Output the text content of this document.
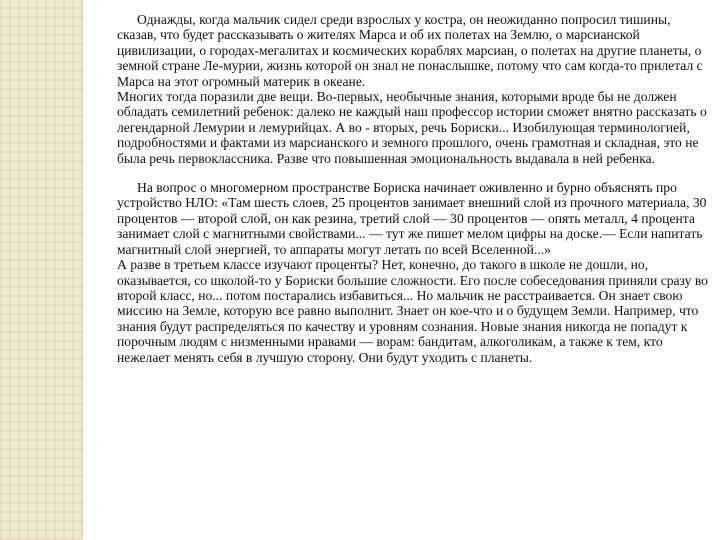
Однажды, когда мальчик сидел среди взрослых у костра, он неожиданно попросил тишины, сказав, что будет рассказывать о жителях Марса и об их полетах на Землю, о марсианской цивилизации, о городах-мегалитах и космических кораблях марсиан, о полетах на другие планеты, о земной стране Ле-мурии, жизнь которой он знал не понаслышке, потому что сам когда-то прилетал с Марса на этот огромный материк в океане.

Многих тогда поразили две вещи. Во-первых, необычные знания, которыми вроде бы не должен обладать семилетний ребенок: далеко не каждый наш профессор истории сможет внятно рассказать о легендарной Лемурии и лемурийцах. А во - вторых, речь Бориски... Изобилующая терминологией, подробностями и фактами из марсианского и земного прошлого, очень грамотная и складная, это не была речь первоклассника. Разве что повышенная эмоциональность выдавала в ней ребенка.

На вопрос о многомерном пространстве Бориска начинает оживленно и бурно объяснять про устройство НЛО: «Там шесть слоев, 25 процентов занимает внешний слой из прочного материала, 30 процентов — второй слой, он как резина, третий слой — 30 процентов — опять металл, 4 процента занимает слой с магнитными свойствами... — тут же пишет мелом цифры на доске.— Если напитать магнитный слой энергией, то аппараты могут летать по всей Вселенной...»

А разве в третьем классе изучают проценты? Нет, конечно, до такого в школе не дошли, но, оказывается, со школой-то у Бориски большие сложности. Его после собеседования приняли сразу во второй класс, но... потом постарались избавиться... Но мальчик не расстраивается. Он знает свою миссию на Земле, которую все равно выполнит. Знает он кое-что и о будущем Земли. Например, что знания будут распределяться по качеству и уровням сознания. Новые знания никогда не попадут к порочным людям с низменными нравами — ворам: бандитам, алкоголикам, а также к тем, кто нежелает менять себя в лучшую сторону. Они будут уходить с планеты.
